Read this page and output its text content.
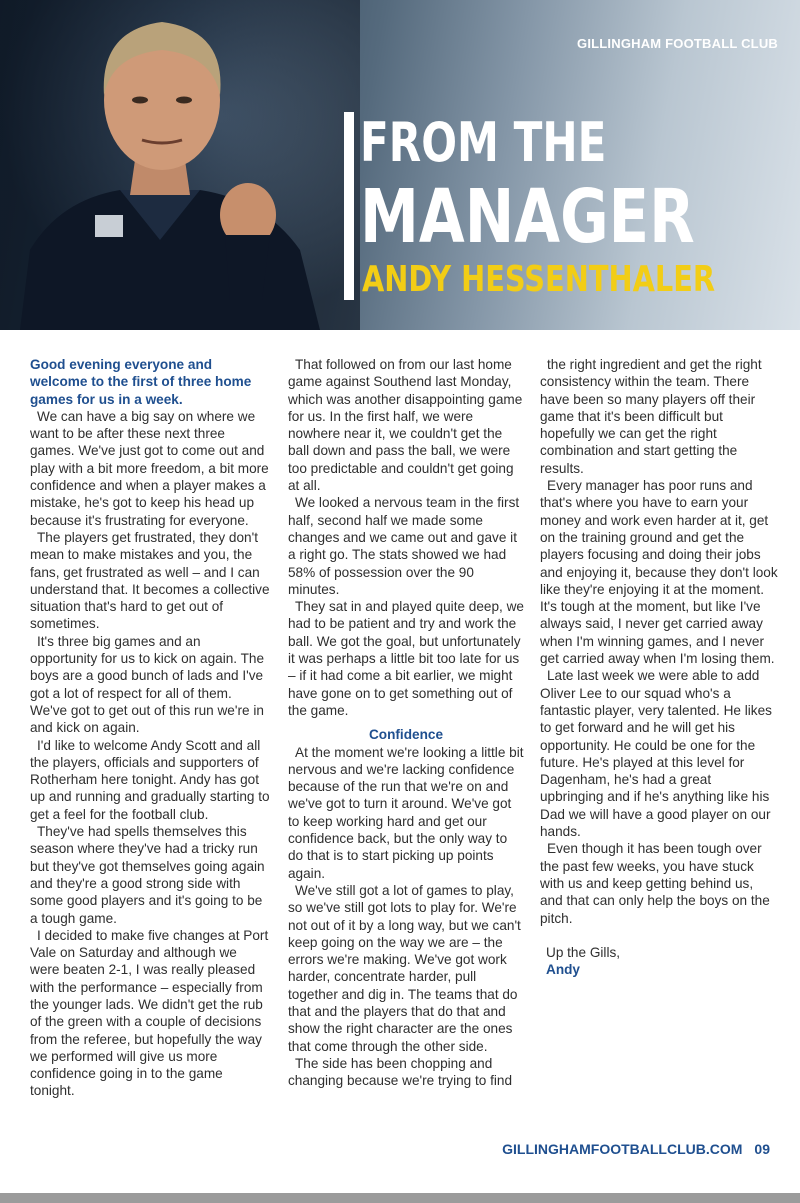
GILLINGHAM FOOTBALL CLUB
FROM THE
MANAGER
ANDY HESSENTHALER

Good evening everyone and welcome to the first of three home games for us in a week.

We can have a big say on where we want to be after these next three games. We've just got to come out and play with a bit more freedom, a bit more confidence and when a player makes a mistake, he's got to keep his head up because it's frustrating for everyone.

The players get frustrated, they don't mean to make mistakes and you, the fans, get frustrated as well – and I can understand that. It becomes a collective situation that's hard to get out of sometimes.

It's three big games and an opportunity for us to kick on again. The boys are a good bunch of lads and I've got a lot of respect for all of them. We've got to get out of this run we're in and kick on again.

I'd like to welcome Andy Scott and all the players, officials and supporters of Rotherham here tonight. Andy has got up and running and gradually starting to get a feel for the football club.

They've had spells themselves this season where they've had a tricky run but they've got themselves going again and they're a good strong side with some good players and it's going to be a tough game.

I decided to make five changes at Port Vale on Saturday and although we were beaten 2-1, I was really pleased with the performance – especially from the younger lads. We didn't get the rub of the green with a couple of decisions from the referee, but hopefully the way we performed will give us more confidence going in to the game tonight.

That followed on from our last home game against Southend last Monday, which was another disappointing game for us. In the first half, we were nowhere near it, we couldn't get the ball down and pass the ball, we were too predictable and couldn't get going at all.

We looked a nervous team in the first half, second half we made some changes and we came out and gave it a right go. The stats showed we had 58% of possession over the 90 minutes.

They sat in and played quite deep, we had to be patient and try and work the ball. We got the goal, but unfortunately it was perhaps a little bit too late for us – if it had come a bit earlier, we might have gone on to get something out of the game.

Confidence

At the moment we're looking a little bit nervous and we're lacking confidence because of the run that we're on and we've got to turn it around. We've got to keep working hard and get our confidence back, but the only way to do that is to start picking up points again.

We've still got a lot of games to play, so we've still got lots to play for. We're not out of it by a long way, but we can't keep going on the way we are – the errors we're making. We've got work harder, concentrate harder, pull together and dig in. The teams that do that and the players that do that and show the right character are the ones that come through the other side.

The side has been chopping and changing because we're trying to find

the right ingredient and get the right consistency within the team. There have been so many players off their game that it's been difficult but hopefully we can get the right combination and start getting the results.

Every manager has poor runs and that's where you have to earn your money and work even harder at it, get on the training ground and get the players focusing and doing their jobs and enjoying it, because they don't look like they're enjoying it at the moment. It's tough at the moment, but like I've always said, I never get carried away when I'm winning games, and I never get carried away when I'm losing them.

Late last week we were able to add Oliver Lee to our squad who's a fantastic player, very talented. He likes to get forward and he will get his opportunity. He could be one for the future. He's played at this level for Dagenham, he's had a great upbringing and if he's anything like his Dad we will have a good player on our hands.

Even though it has been tough over the past few weeks, you have stuck with us and keep getting behind us, and that can only help the boys on the pitch.

Up the Gills,
Andy
GILLINGHAMFOOTBALLCLUB.COM 09
